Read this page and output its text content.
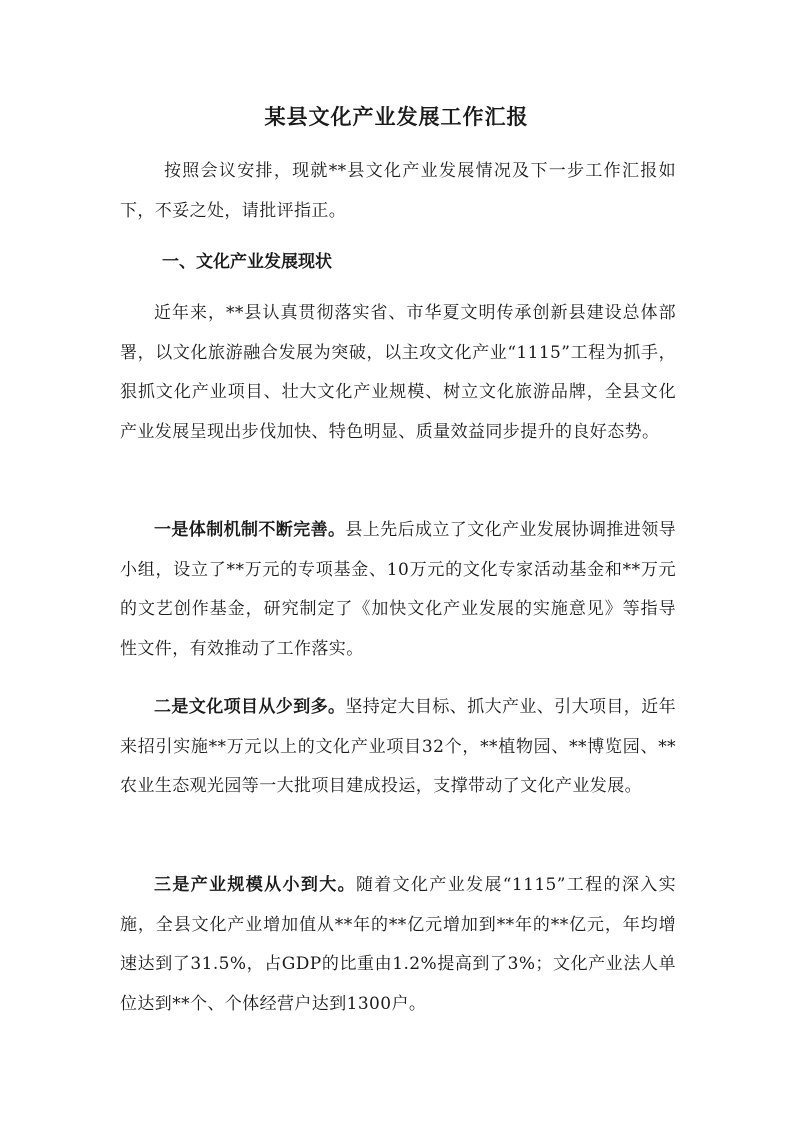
某县文化产业发展工作汇报

按照会议安排，现就**县文化产业发展情况及下一步工作汇报如下，不妥之处，请批评指正。

一、文化产业发展现状

近年来，**县认真贯彻落实省、市华夏文明传承创新县建设总体部署，以文化旅游融合发展为突破，以主攻文化产业“1115”工程为抓手，狠抓文化产业项目、壮大文化产业规模、树立文化旅游品牌，全县文化产业发展呈现出步伐加快、特色明显、质量效益同步提升的良好态势。

一是体制机制不断完善。县上先后成立了文化产业发展协调推进领导小组，设立了**万元的专项基金、10万元的文化专家活动基金和**万元的文艺创作基金，研究制定了《加快文化产业发展的实施意见》等指导性文件，有效推动了工作落实。

二是文化项目从少到多。坚持定大目标、抓大产业、引大项目，近年来招引实施**万元以上的文化产业项目32个，**植物园、**博览园、**农业生态观光园等一大批项目建成投运，支撑带动了文化产业发展。

三是产业规模从小到大。随着文化产业发展“1115”工程的深入实施，全县文化产业增加值从**年的**亿元增加到**年的**亿元，年均增速达到了31.5%，占GDP的比重由1.2%提高到了3%；文化产业法人单位达到**个、个体经营户达到1300户。
